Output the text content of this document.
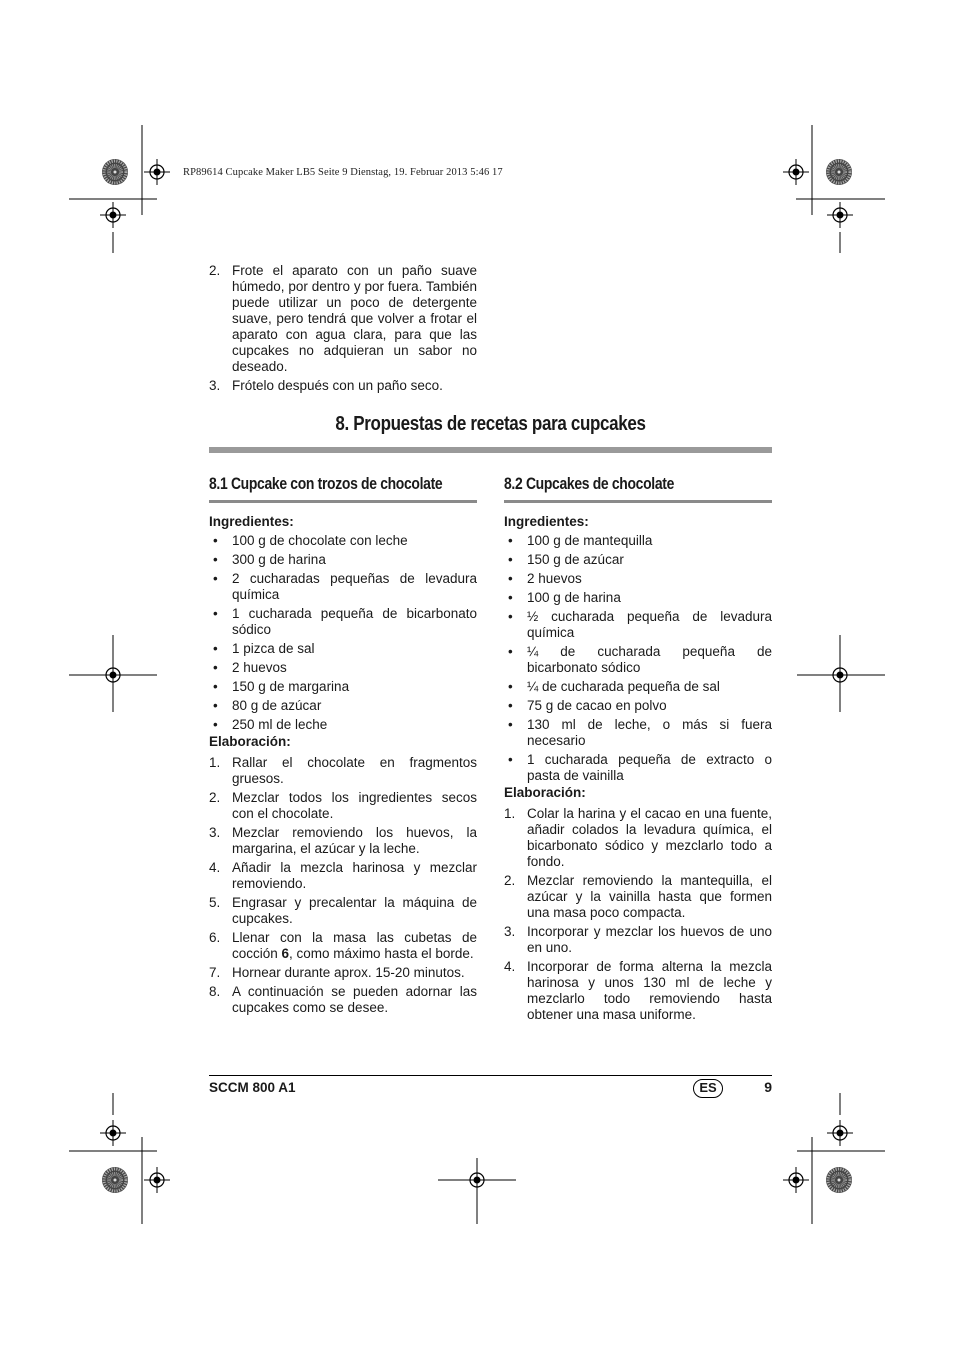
RP89614 Cupcake Maker LB5 Seite 9 Dienstag, 19. Februar 2013 5:46 17
2. Frote el aparato con un paño suave húmedo, por dentro y por fuera. También puede utilizar un poco de detergente suave, pero tendrá que volver a frotar el aparato con agua clara, para que las cupcakes no adquieran un sabor no deseado.
3. Frótelo después con un paño seco.
8. Propuestas de recetas para cupcakes
8.1 Cupcake con trozos de chocolate
Ingredientes:
• 100 g de chocolate con leche
• 300 g de harina
• 2 cucharadas pequeñas de levadura química
• 1 cucharada pequeña de bicarbonato sódico
• 1 pizca de sal
• 2 huevos
• 150 g de margarina
• 80 g de azúcar
• 250 ml de leche
Elaboración:
1. Rallar el chocolate en fragmentos gruesos.
2. Mezclar todos los ingredientes secos con el chocolate.
3. Mezclar removiendo los huevos, la margarina, el azúcar y la leche.
4. Añadir la mezcla harinosa y mezclar removiendo.
5. Engrasar y precalentar la máquina de cupcakes.
6. Llenar con la masa las cubetas de cocción 6, como máximo hasta el borde.
7. Hornear durante aprox. 15-20 minutos.
8. A continuación se pueden adornar las cupcakes como se desee.
8.2 Cupcakes de chocolate
Ingredientes:
• 100 g de mantequilla
• 150 g de azúcar
• 2 huevos
• 100 g de harina
• ½ cucharada pequeña de levadura química
• ¼ de cucharada pequeña de bicarbonato sódico
• ¼ de cucharada pequeña de sal
• 75 g de cacao en polvo
• 130 ml de leche, o más si fuera necesario
• 1 cucharada pequeña de extracto o pasta de vainilla
Elaboración:
1. Colar la harina y el cacao en una fuente, añadir colados la levadura química, el bicarbonato sódico y mezclarlo todo a fondo.
2. Mezclar removiendo la mantequilla, el azúcar y la vainilla hasta que formen una masa poco compacta.
3. Incorporar y mezclar los huevos de uno en uno.
4. Incorporar de forma alterna la mezcla harinosa y unos 130 ml de leche y mezclarlo todo removiendo hasta obtener una masa uniforme.
SCCM 800 A1	ES	9
